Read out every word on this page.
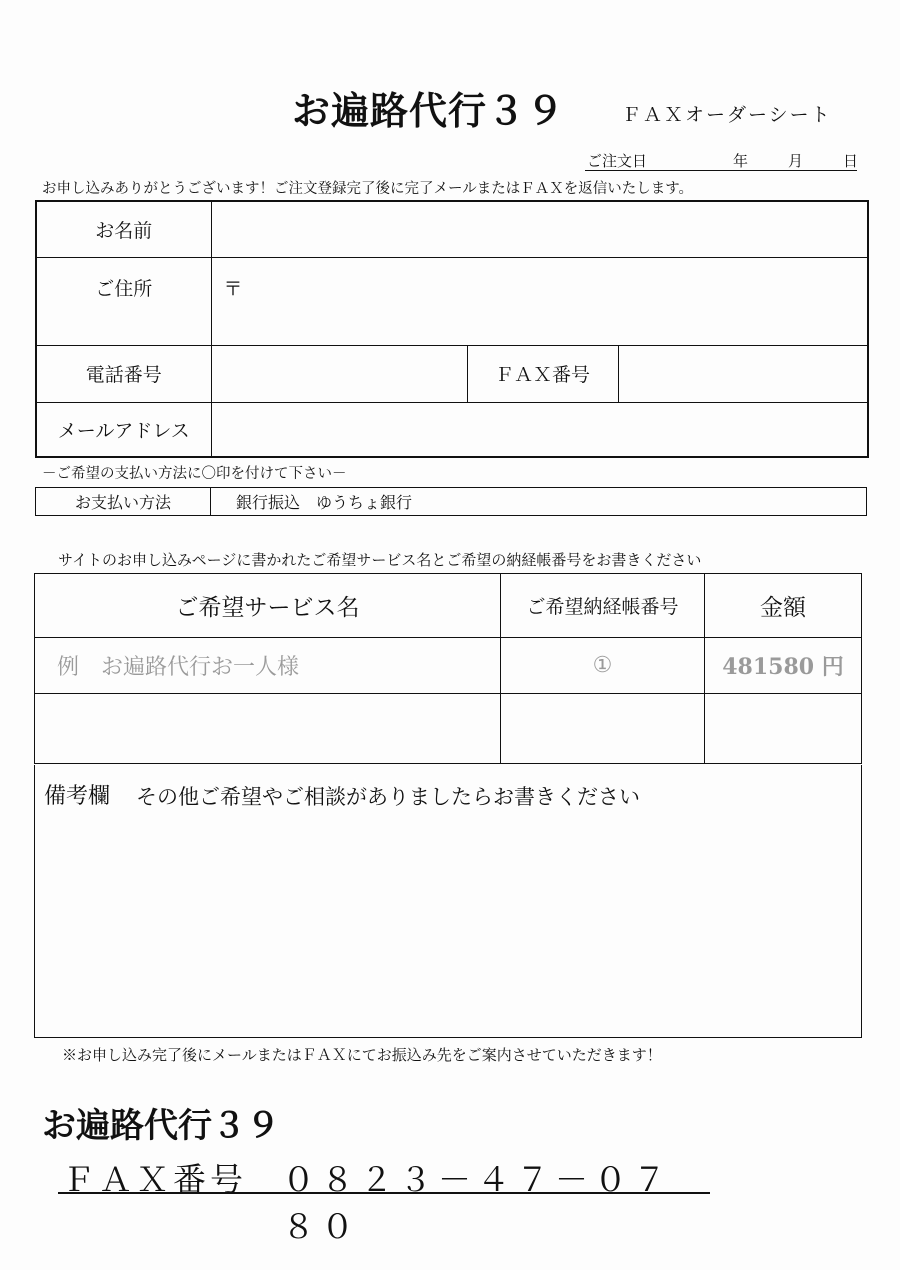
お遍路代行３９	ＦＡＸオーダーシート
ご注文日	年	月	日
お申し込みありがとうございます！ご注文登録完了後に完了メールまたはＦＡＸを返信いたします。
お名前			
ご住所	〒		
電話番号		ＦＡＸ番号	
メールアドレス			
－ご希望の支払い方法に〇印を付けて下さい－
お支払い方法	銀行振込　ゆうちょ銀行
サイトのお申し込みページに書かれたご希望サービス名とご希望の納経帳番号をお書きください
ご希望サービス名	ご希望納経帳番号	金額
例　お遍路代行お一人様	①	481580 円

備考欄 その他ご希望やご相談がありましたらお書きください
※お申し込み完了後にメールまたはＦＡＸにてお振込み先をご案内させていただきます！
お遍路代行３９
ＦＡＸ番号 ０８２３－４７－０７８０
